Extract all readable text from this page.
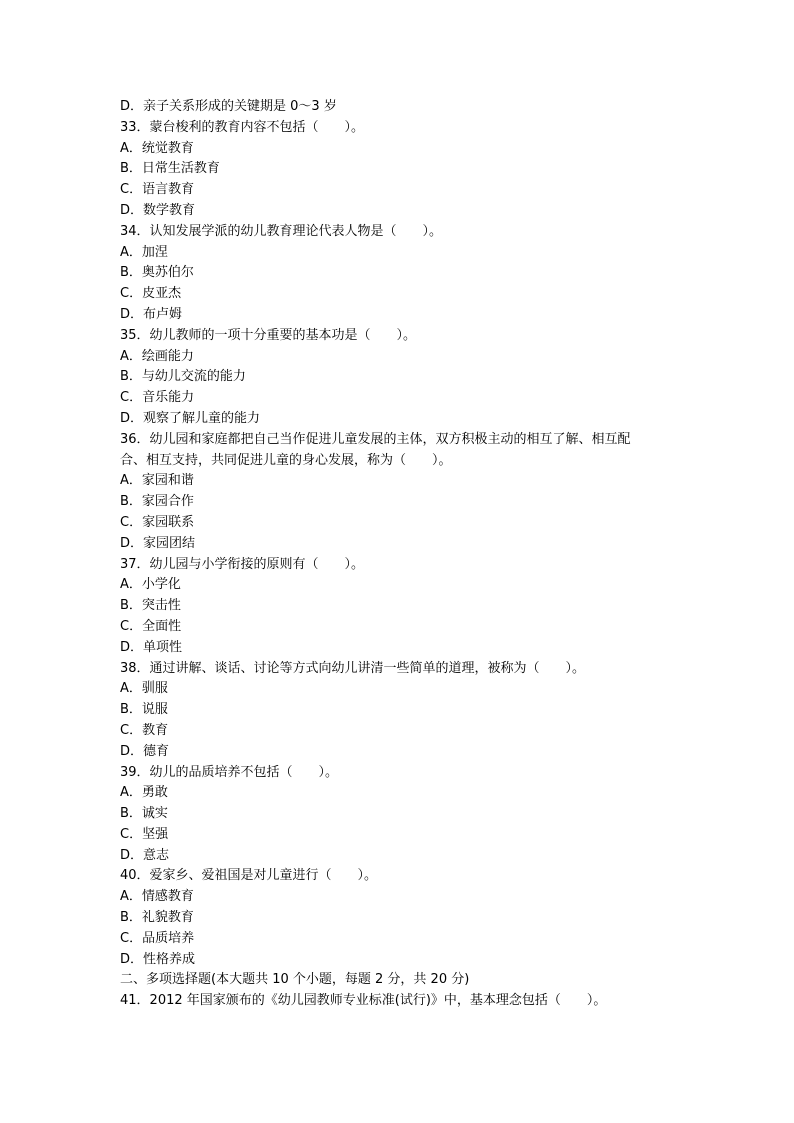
D．亲子关系形成的关键期是 0～3 岁
33．蒙台梭利的教育内容不包括（　　）。
A．统觉教育
B．日常生活教育
C．语言教育
D．数学教育
34．认知发展学派的幼儿教育理论代表人物是（　　）。
A．加涅
B．奥苏伯尔
C．皮亚杰
D．布卢姆
35．幼儿教师的一项十分重要的基本功是（　　）。
A．绘画能力
B．与幼儿交流的能力
C．音乐能力
D．观察了解儿童的能力
36．幼儿园和家庭都把自己当作促进儿童发展的主体，双方积极主动的相互了解、相互配
合、相互支持，共同促进儿童的身心发展，称为（　　）。
A．家园和谐
B．家园合作
C．家园联系
D．家园团结
37．幼儿园与小学衔接的原则有（　　）。
A．小学化
B．突击性
C．全面性
D．单项性
38．通过讲解、谈话、讨论等方式向幼儿讲清一些简单的道理，被称为（　　）。
A．驯服
B．说服
C．教育
D．德育
39．幼儿的品质培养不包括（　　）。
A．勇敢
B．诚实
C．坚强
D．意志
40．爱家乡、爱祖国是对儿童进行（　　）。
A．情感教育
B．礼貌教育
C．品质培养
D．性格养成
二、多项选择题(本大题共 10 个小题，每题 2 分，共 20 分)
41．2012 年国家颁布的《幼儿园教师专业标准(试行)》中，基本理念包括（　　）。
